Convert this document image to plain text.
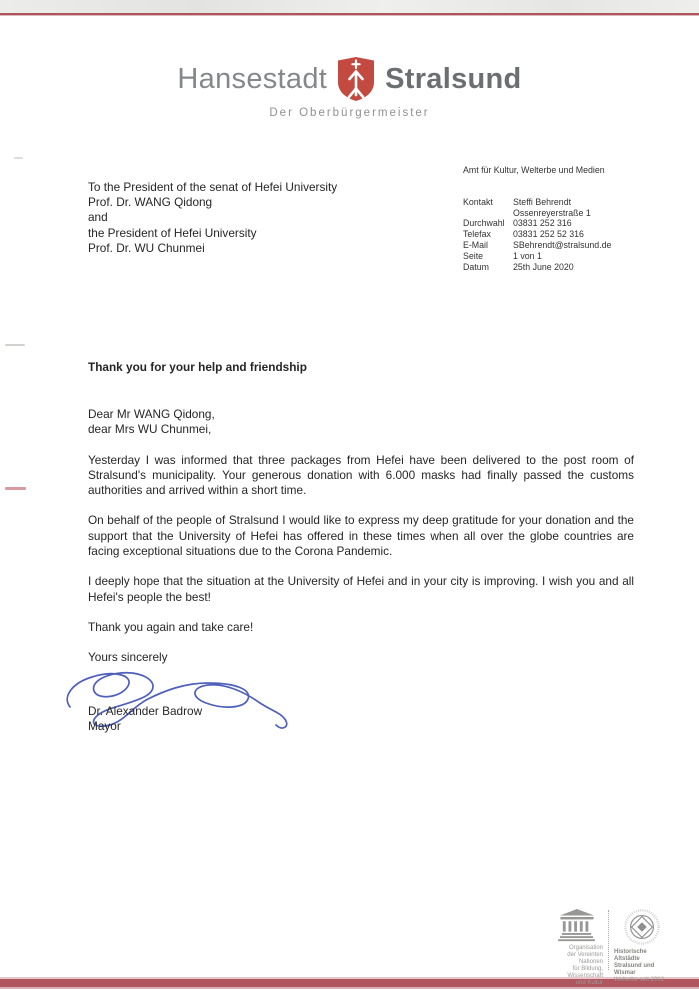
Hansestadt Stralsund
Der Oberbürgermeister
To the President of the senat of Hefei University
Prof. Dr. WANG Qidong
and
the President of Hefei University
Prof. Dr. WU Chunmei
Amt für Kultur, Welterbe und Medien
Kontakt	Steffi Behrendt
Ossenreyerstraße 1
Durchwahl 03831 252 316
Telefax	03831 252 52 316
E-Mail	SBehrendt@stralsund.de
Seite	1 von 1
Datum	25th June 2020
Thank you for your help and friendship
Dear Mr WANG Qidong,
dear Mrs WU Chunmei,

Yesterday I was informed that three packages from Hefei have been delivered to the post room of Stralsund's municipality. Your generous donation with 6.000 masks had finally passed the customs authorities and arrived within a short time.

On behalf of the people of Stralsund I would like to express my deep gratitude for your donation and the support that the University of Hefei has offered in these times when all over the globe countries are facing exceptional situations due to the Corona Pandemic.

I deeply hope that the situation at the University of Hefei and in your city is improving. I wish you and all Hefei's people the best!

Thank you again and take care!

Yours sincerely

Dr. Alexander Badrow
Mayor
Organisation
der Vereinten Nationen
für Bildung, Wissenschaft
und Kultur
Historische Altstädte
Stralsund und Wismar
Welterbe seit 2002
